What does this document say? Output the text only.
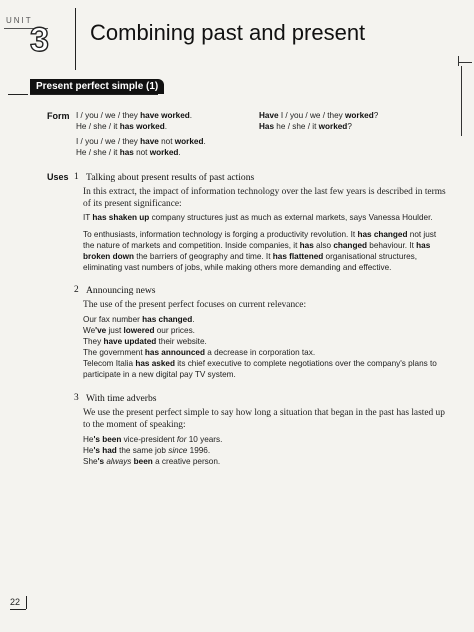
UNIT
3 Combining past and present
Present perfect simple (1)
Form I / you / we / they have worked.
He / she / it has worked.
I / you / we / they have not worked.
He / she / it has not worked.
Have I / you / we / they worked?
Has he / she / it worked?
Uses 1 Talking about present results of past actions
In this extract, the impact of information technology over the last few years is described in terms
of its present significance:
IT has shaken up company structures just as much as external markets, says Vanessa Houlder.
To enthusiasts, information technology is forging a productivity revolution. It has changed not just
the nature of markets and competition. Inside companies, it has also changed behaviour. It has
broken down the barriers of geography and time. It has flattened organisational structures,
eliminating vast numbers of jobs, while making others more demanding and effective.
2 Announcing news
The use of the present perfect focuses on current relevance:
Our fax number has changed.
We've just lowered our prices.
They have updated their website.
The government has announced a decrease in corporation tax.
Telecom Italia has asked its chief executive to complete negotiations over the company's plans to
participate in a new digital pay TV system.
3 With time adverbs
We use the present perfect simple to say how long a situation that began in the past has lasted up
to the moment of speaking:
He's been vice-president for 10 years.
He's had the same job since 1996.
She's always been a creative person.
22
